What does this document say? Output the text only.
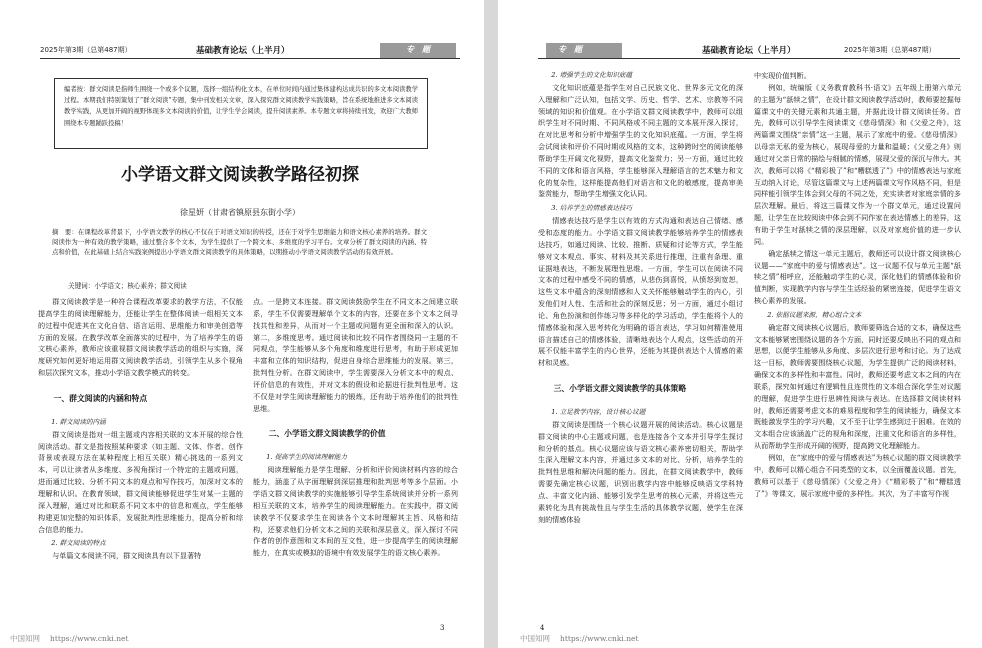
2025年第3期（总第487期）	基础教育论坛（上半月）	专　题
编者按：群文阅读是指师生围绕一个或多个议题，选择一组结构化文本，在单位时间内通过集体建构达成共识的多文本阅读教学过程。本期我们特别策划了“群文阅读”专题，集中刊发相关文章，深入探究群文阅读教学实践策略，旨在系统地推进多文本阅读教学实践，从更加开阔的视野体现多文本阅读的价值，让学生学会阅读，提升阅读素养。本专题文章将持续刊发，欢迎广大教师围绕本专题踊跃投稿！
小学语文群文阅读教学路径初探
徐星妍（甘肃省镇原县东街小学）
摘　要：在课程改革背景下，小学语文教学的核心不仅在于对语文知识的传授，还在于对学生思维能力和语文核心素养的培养。群文阅读作为一种有效的教学策略，通过整合多个文本，为学生提供了一个跨文本、多维度的学习平台。文章分析了群文阅读的内涵、特点和价值，在此基础上结合实践案例提出小学语文群文阅读教学的具体策略，以期推动小学语文阅读教学活动的有效开展。
关键词：小学语文；核心素养；群文阅读

群文阅读教学是一种符合课程改革要求的教学方法，不仅能提高学生的阅读理解能力，还能让学生在整体阅读一组相关文本的过程中促进其在文化自信、语言运用、思维能力和审美创造等方面的发展。在教学改革全面落实的过程中，为了培养学生的语文核心素养，教师应该重视群文阅读教学活动的组织与实施，深度研究如何更好地运用群文阅读教学活动，引领学生从多个视角和层次探究文本，推动小学语文教学模式的转变。

一、群文阅读的内涵和特点
1. 群文阅读的内涵

群文阅读是指对一组主题或内容相关联的文本开展的综合性阅读活动。群文是指按照某种要求（如主题、文体、作者、创作背景或表现方法在某种程度上相互关联）精心挑选的一系列文本，可以让读者从多维度、多视角探讨一个特定的主题或问题，进而通过比较、分析不同文本的观点和写作技巧，加深对文本的理解和认识。在教育领域，群文阅读能够促进学生对某一主题的深入理解，通过对比和联系不同文本中的信息和观点，学生能够构建更加完整的知识体系，发展批判性思维能力，提高分析和综合信息的能力。

2. 群文阅读的特点

与单篇文本阅读不同，群文阅读具有以下显著特

点。一是跨文本连接。群文阅读鼓励学生在不同文本之间建立联系，学生不仅需要理解单个文本的内容，还要在多个文本之间寻找共性和差异，从而对一个主题或问题有更全面和深入的认识。第二，多维度思考。通过阅读和比较不同作者围绕同一主题的不同观点，学生能够从多个角度和维度进行思考，有助于形成更加丰富和立体的知识结构，促进自身综合思维能力的发展。第三，批判性分析。在群文阅读中，学生需要深入分析文本中的观点、评价信息的有效性，并对文本的假设和论据进行批判性思考。这不仅是对学生阅读理解能力的锻炼，还有助于培养他们的批判性思维。

二、小学语文群文阅读教学的价值
1. 提高学生的阅读理解能力

阅读理解能力是学生理解、分析和评价阅读材料内容的综合能力，涵盖了从字面理解到深层推理和批判思考等多个层面。小学语文群文阅读教学的实施能够引导学生系统阅读并分析一系列相互关联的文本，培养学生的阅读理解能力。在实践中，群文阅读教学不仅要求学生在阅读各个文本时理解其主旨、风格和结构，还要求他们分析文本之间的关联和深层意义，深入探讨不同作者的创作意图和文本间的互文性，进一步提高学生的阅读理解能力，在真实或模拟的语境中有效发展学生的语文核心素养。

3
中国知网 https://www.cnki.net
专　题	基础教育论坛（上半月）	2025年第3期（总第487期）
2. 增强学生的文化知识底蕴

文化知识底蕴是指学生对自己民族文化、世界多元文化的深入理解和广泛认知，包括文学、历史、哲学、艺术、宗教等不同领域的知识和价值观。在小学语文群文阅读教学中，教师可以组织学生对不同时期、不同风格或不同主题的文本展开深入探讨，在对比思考和分析中增强学生的文化知识底蕴。一方面，学生将会试阅读和评价不同时期或风格的文本，这种跨时空的阅读能够帮助学生开阔文化视野，提高文化鉴赏力；另一方面，通过比较不同的文体和语言风格，学生能够深入理解语言的艺术魅力和文化的复杂性，这样能提高他们对语言和文化的敏感度，提高审美鉴赏能力，帮助学生增强文化认同。

3. 培养学生的情感表达技巧

情感表达技巧是学生以有效的方式沟通和表达自己情绪、感受和态度的能力。小学语文群文阅读教学能够培养学生的情感表达技巧，如通过阅读、比较、推断、质疑和讨论等方式，学生能够对文本观点、事实、材料及其关系进行推理，注重有条理、重证据地表达，不断发展理性思维。一方面，学生可以在阅读不同文本的过程中感受不同的情感，从悲伤到喜悦，从愤怒到宽恕，这些文本中蕴含的深刻情感和人文关怀能够触动学生的内心，引发他们对人性、生活和社会的深刻反思；另一方面，通过小组讨论、角色扮演和创作练习等多样化的学习活动，学生能将个人的情感体验和深入思考转化为明确的语言表达，学习如何精准使用语言描述自己的情感体验，清晰地表达个人观点，这些活动的开展不仅能丰富学生的内心世界，还能为其提供表达个人情感的素材和灵感。

三、小学语文群文阅读教学的具体策略
1. 立足教学内容，设计核心议题

群文阅读是围绕一个核心议题开展的阅读活动。核心议题是群文阅读的中心主题或问题，也是连接各个文本并引导学生探讨和分析的基点。核心议题应该与语文核心素养密切相关，帮助学生深入理解文本内容，并通过多文本的对比、分析，培养学生的批判性思维和解决问题的能力。因此，在群文阅读教学中，教师需要先确定核心议题，识别出教学内容中能够反映语文学科特点、丰富文化内涵、能够引发学生思考的核心元素，并将这些元素转化为具有挑战性且与学生生活的具体教学议题，使学生在深刻的情感体验

中实现价值判断。

例如，统编版《义务教育教科书·语文》五年级上册第六单元的主题为“舐犊之情”，在设计群文阅读教学活动时，教师要挖掘每篇课文中的关键元素和共通主题，并据此设计群文阅读任务。首先，教师可以引导学生阅读课文《慈母情深》和《父爱之舟》，这两篇课文围绕“亲情”这一主题，展示了家庭中的爱。《慈母情深》以母亲无私的爱为核心，展现母爱的力量和温暖；《父爱之舟》则通过对父亲日常的描绘与细腻的情感，展现父爱的深沉与伟大。其次，教师可以将《“精彩极了”和“糟糕透了”》中的情感表达与家庭互动纳入讨论，尽管这篇课文与上述两篇课文写作风格不同，但是同样能引领学生体会到父母的不同之处，充实读者对家庭亲情的多层次理解。最后，将这三篇课文作为一个群文单元，通过设置问题，让学生在比较阅读中体会到不同作家在表达情感上的差异，这有助于学生对舐犊之情的深层理解，以及对家庭价值的进一步认同。

确定舐犊之情这一单元主题后，教师还可以设计群文阅读核心议题——“家庭中的爱与情感表达”。这一议题不仅与单元主题“舐犊之情”相呼应，还能触动学生的心灵，深化他们的情感体验和价值判断，实现教学内容与学生生活经验的紧密连接，促进学生语文核心素养的发展。

2. 依据议题来源，精心组合文本

确定群文阅读核心议题后，教师要筛选合适的文本，确保这些文本能够紧密围绕议题的各个方面，同时还要反映出不同的观点和思想，以便学生能够从多角度、多层次进行思考和讨论。为了达成这一目标，教师需要围绕核心议题，为学生提供广泛的阅读材料，确保文本的多样性和丰富性。同时，教师还要考虑文本之间的内在联系，探究如何通过有逻辑性且连贯性的文本组合深化学生对议题的理解，促进学生进行思辨性阅读与表达。在选择群文阅读材料时，教师还需要考虑文本的难易程度和学生的阅读能力，确保文本既能激发学生的学习兴趣，又不至于让学生感到过于困难。在效的文本组合应该涵盖广泛的视角和深度，注重文化和语言的多样性，从而帮助学生形成开阔的视野，提高跨文化理解能力。

例如，在“家庭中的爱与情感表达”为核心议题的群文阅读教学中，教师可以精心组合不同类型的文本，以全面覆盖议题。首先，教师可以基于《慈母情深》《父爱之舟》《“精彩极了”和“糟糕透了”》等课文，展示家庭中爱的多样性。其次，为了丰富写作视

4
中国知网 https://www.cnki.net
